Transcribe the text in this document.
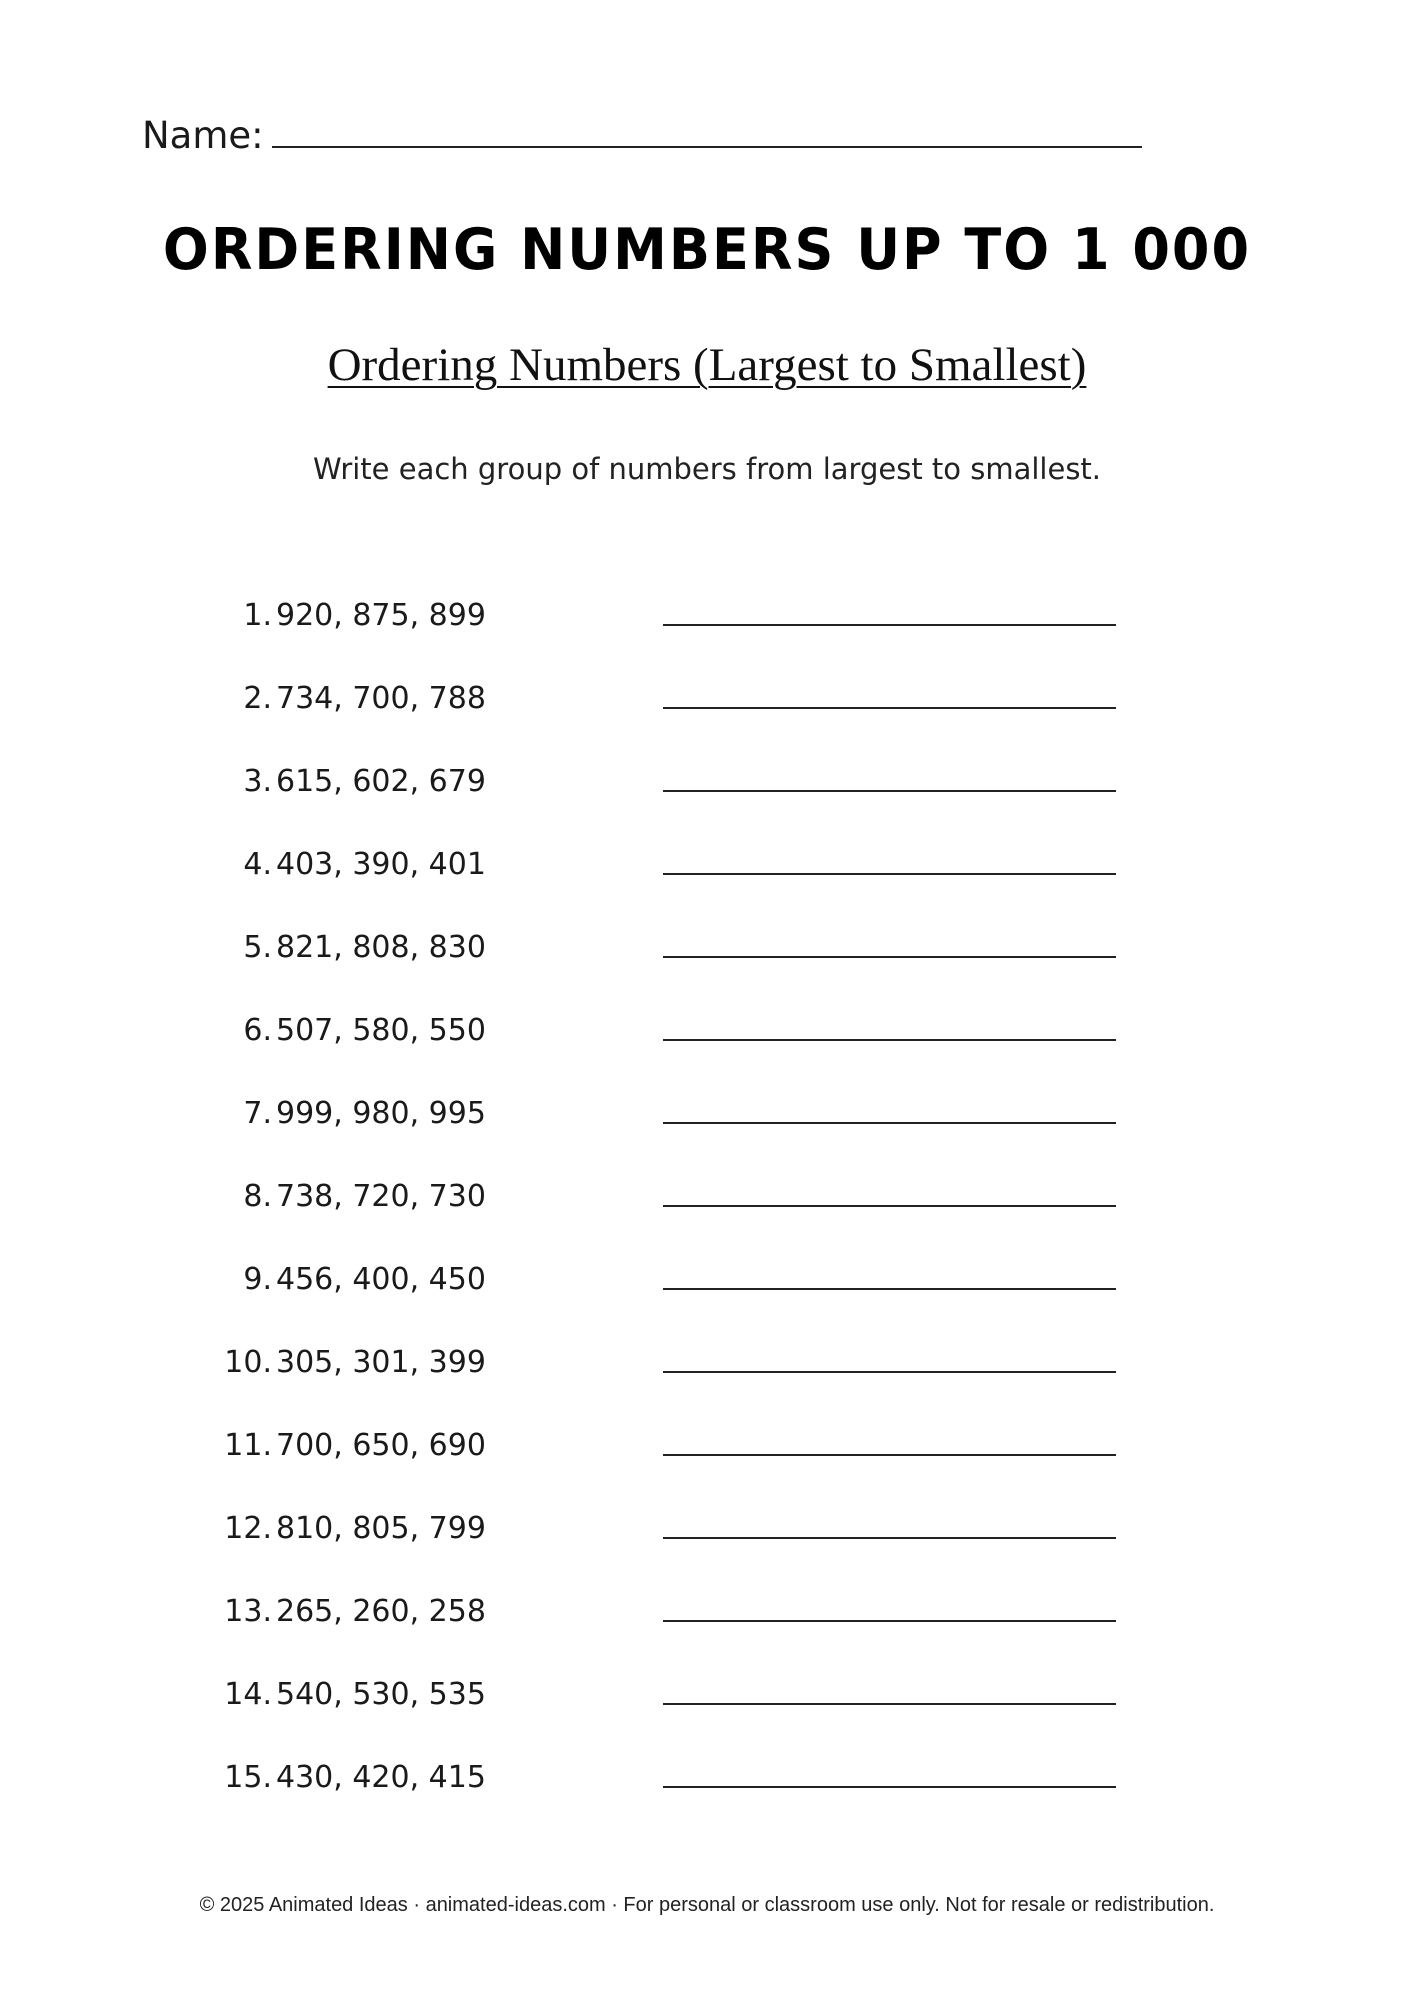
Name:
ORDERING NUMBERS UP TO 1 000
Ordering Numbers (Largest to Smallest)
Write each group of numbers from largest to smallest.
1. 920, 875, 899
2. 734, 700, 788
3. 615, 602, 679
4. 403, 390, 401
5. 821, 808, 830
6. 507, 580, 550
7. 999, 980, 995
8. 738, 720, 730
9. 456, 400, 450
10. 305, 301, 399
11. 700, 650, 690
12. 810, 805, 799
13. 265, 260, 258
14. 540, 530, 535
15. 430, 420, 415
© 2025 Animated Ideas · animated-ideas.com · For personal or classroom use only. Not for resale or redistribution.
